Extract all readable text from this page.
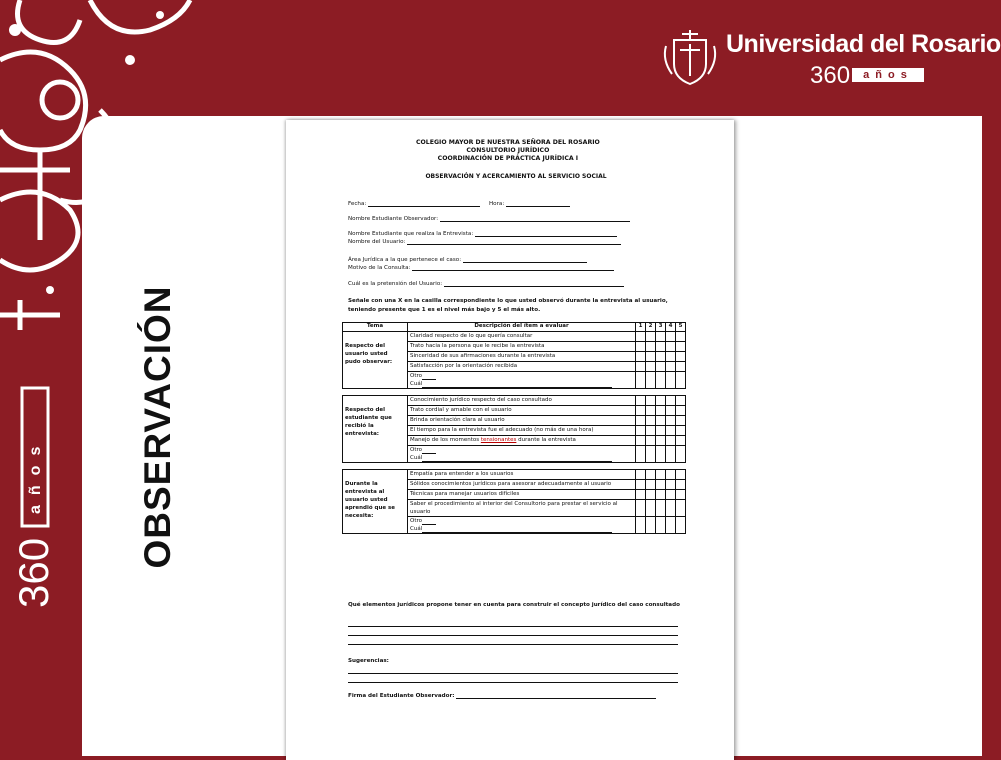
360
años
Universidad del Rosario
360	años
OBSERVACIÓN
COLEGIO MAYOR DE NUESTRA SEÑORA DEL ROSARIO
CONSULTORIO JURÍDICO
COORDINACIÓN DE PRÁCTICA JURÍDICA I
OBSERVACIÓN Y ACERCAMIENTO AL SERVICIO SOCIAL
Fecha:	Hora:
Nombre Estudiante Observador:
Nombre Estudiante que realiza la Entrevista:
Nombre del Usuario:
Área Jurídica a la que pertenece el caso:
Motivo de la Consulta:
Cuál es la pretensión del Usuario:
Señale con una X en la casilla correspondiente lo que usted observó durante la entrevista al usuario, teniendo presente que 1 es el nivel más bajo y 5 el más alto.
Tema	Descripción del ítem a evaluar	1	2	3	4	5
Respecto del usuario usted pudo observar:	Claridad respecto de lo que quería consultar					
	Trato hacia la persona que le recibe la entrevista					
	Sinceridad de sus afirmaciones durante la entrevista					
	Satisfacción por la orientación recibida					

	Otro
Cuál					

Respecto del estudiante que recibió la entrevista:	Conocimiento jurídico respecto del caso consultado					
	Trato cordial y amable con el usuario					
	Brinda orientación clara al usuario					
	El tiempo para la entrevista fue el adecuado (no más de una hora)					
	Manejo de los momentos tensionantes durante la entrevista					

	Otro
Cuál					

Durante la entrevista al usuario usted aprendió que se necesita:	Empatía para entender a los usuarios					
	Sólidos conocimientos jurídicos para asesorar adecuadamente al usuario					
	Técnicas para manejar usuarios difíciles					
	Saber el procedimiento al interior del Consultorio para prestar el servicio al usuario					

	Otro
Cuál					

Qué elementos jurídicos propone tener en cuenta para construir el concepto jurídico del caso consultado
Sugerencias:
Firma del Estudiante Observador:
